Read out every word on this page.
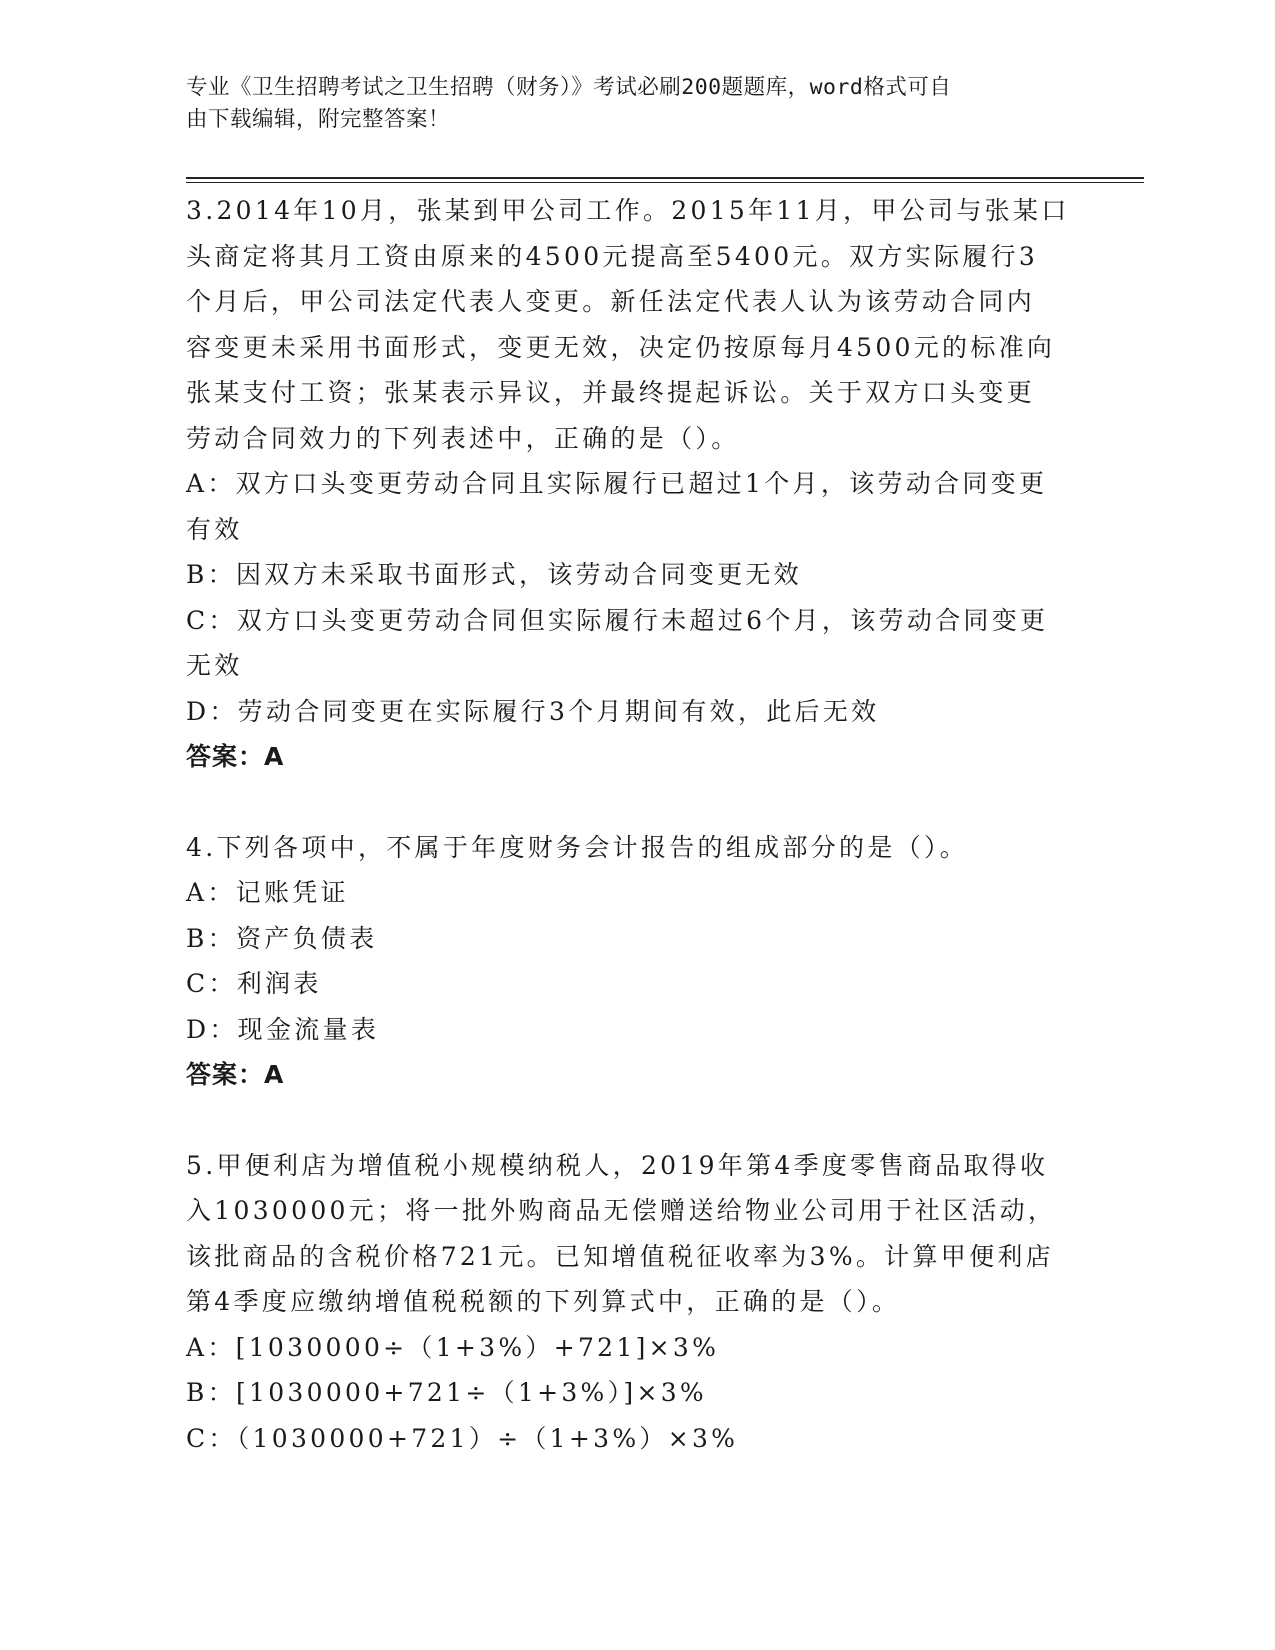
专业《卫生招聘考试之卫生招聘（财务）》考试必刷200题题库，word格式可自
由下载编辑，附完整答案！
3.2014年10月，张某到甲公司工作。2015年11月，甲公司与张某口
头商定将其月工资由原来的4500元提高至5400元。双方实际履行3
个月后，甲公司法定代表人变更。新任法定代表人认为该劳动合同内
容变更未采用书面形式，变更无效，决定仍按原每月4500元的标准向
张某支付工资；张某表示异议，并最终提起诉讼。关于双方口头变更
劳动合同效力的下列表述中，正确的是（）。
A：双方口头变更劳动合同且实际履行已超过1个月，该劳动合同变更
有效
B：因双方未采取书面形式，该劳动合同变更无效
C：双方口头变更劳动合同但实际履行未超过6个月，该劳动合同变更
无效
D：劳动合同变更在实际履行3个月期间有效，此后无效
答案：A
4.下列各项中，不属于年度财务会计报告的组成部分的是（）。
A：记账凭证
B：资产负债表
C：利润表
D：现金流量表
答案：A
5.甲便利店为增值税小规模纳税人，2019年第4季度零售商品取得收
入1030000元；将一批外购商品无偿赠送给物业公司用于社区活动，
该批商品的含税价格721元。已知增值税征收率为3%。计算甲便利店
第4季度应缴纳增值税税额的下列算式中，正确的是（）。
A：[1030000÷（1+3%）+721]×3%
B：[1030000+721÷（1+3%）]×3%
C：（1030000+721）÷（1+3%）×3%
